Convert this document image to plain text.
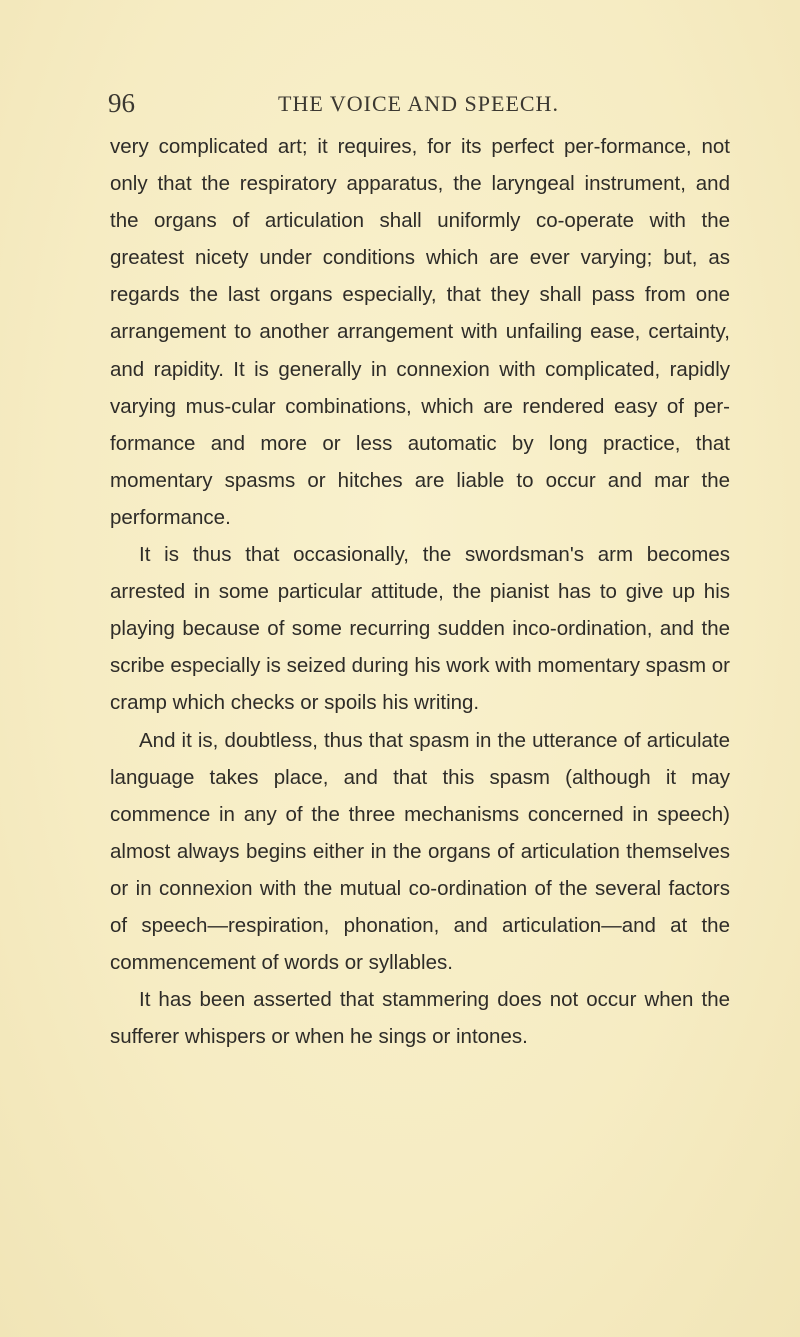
96	THE VOICE AND SPEECH.

very complicated art; it requires, for its perfect per-formance, not only that the respiratory apparatus, the laryngeal instrument, and the organs of articulation shall uniformly co-operate with the greatest nicety under conditions which are ever varying; but, as regards the last organs especially, that they shall pass from one arrangement to another arrangement with unfailing ease, certainty, and rapidity. It is generally in connexion with complicated, rapidly varying mus-cular combinations, which are rendered easy of per-formance and more or less automatic by long practice, that momentary spasms or hitches are liable to occur and mar the performance.

It is thus that occasionally, the swordsman's arm becomes arrested in some particular attitude, the pianist has to give up his playing because of some recurring sudden inco-ordination, and the scribe especially is seized during his work with momentary spasm or cramp which checks or spoils his writing.

And it is, doubtless, thus that spasm in the utterance of articulate language takes place, and that this spasm (although it may commence in any of the three mechanisms concerned in speech) almost always begins either in the organs of articulation themselves or in connexion with the mutual co-ordination of the several factors of speech—respiration, phonation, and articulation—and at the commencement of words or syllables.

It has been asserted that stammering does not occur when the sufferer whispers or when he sings or intones.
